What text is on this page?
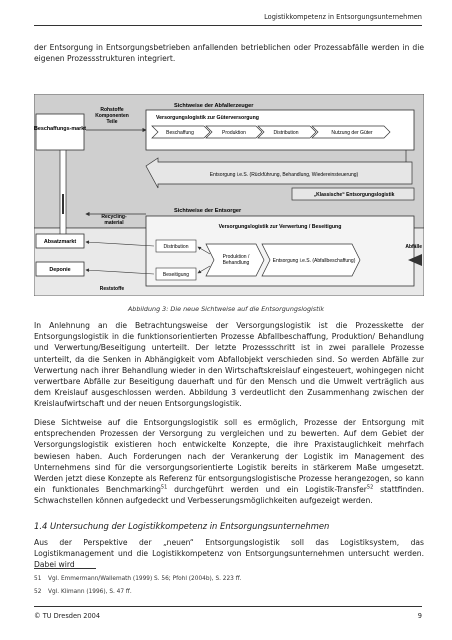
Logistikkompetenz in Entsorgungsunternehmen
der Entsorgung in Entsorgungsbetrieben anfallenden betrieblichen oder Prozessabfälle werden in die eigenen Prozessstrukturen integriert.
Beschaffungs-markt
Rohstoffe Komponenten Teile
Sichtweise der Abfallerzeuger
Versorgungslogistik zur Güterversorgung
Beschaffung	Produktion	Distribution	Nutzung der Güter
Entsorgung i.e.S. (Rückführung, Behandlung, Wiedereinsteuerung)
„Klassische“ Entsorgungslogistik
Recycling-material
Sichtweise der Entsorger
Versorgungslogistik zur Verwertung / Beseitigung
Distribution
Beseitigung
Produktion / Behandlung	Entsorgung i.e.S. (Abfallbeschaffung)
Abfälle
Absatzmarkt
Deponie
Reststoffe
Abbildung 3: Die neue Sichtweise auf die Entsorgungslogistik
In Anlehnung an die Betrachtungsweise der Versorgungslogistik ist die Prozesskette der Entsorgungslogistik in die funktionsorientierten Prozesse Abfallbeschaffung, Produktion/ Behandlung und Verwertung/Beseitigung unterteilt. Der letzte Prozessschritt ist in zwei parallele Prozesse unterteilt, da die Senken in Abhängigkeit vom Abfallobjekt verschieden sind. So werden Abfälle zur Verwertung nach ihrer Behandlung wieder in den Wirtschaftskreislauf eingesteuert, wohingegen nicht verwertbare Abfälle zur Beseitigung dauerhaft und für den Mensch und die Umwelt verträglich aus dem Kreislauf ausgeschlossen werden. Abbildung 3 verdeutlicht den Zusammenhang zwischen der Kreislaufwirtschaft und der neuen Entsorgungslogistik.
Diese Sichtweise auf die Entsorgungslogistik soll es ermöglich, Prozesse der Entsorgung mit entsprechenden Prozessen der Versorgung zu vergleichen und zu bewerten. Auf dem Gebiet der Versorgungslogistik existieren hoch entwickelte Konzepte, die ihre Praxistauglichkeit mehrfach bewiesen haben. Auch Forderungen nach der Verankerung der Logistik im Management des Unternehmens sind für die versorgungsorientierte Logistik bereits in stärkerem Maße umgesetzt. Werden jetzt diese Konzepte als Referenz für entsorgungslogistische Prozesse herangezogen, so kann ein funktionales Benchmarking$^{51}$ durchgeführt werden und ein Logistik-Transfer$^{52}$ stattfinden. Schwachstellen können aufgedeckt und Verbesserungsmöglichkeiten aufgezeigt werden.
1.4 Untersuchung der Logistikkompetenz in Entsorgungsunternehmen
Aus der Perspektive der „neuen“ Entsorgungslogistik soll das Logistiksystem, das Logistikmanagement und die Logistikkompetenz von Entsorgungsunternehmen untersucht werden. Dabei wird
51 Vgl. Emmermann/Wallemath (1999) S. 56; Pfohl (2004b), S. 223 ff.
52 Vgl. Klimann (1996), S. 47 ff.
© TU Dresden 2004	9
